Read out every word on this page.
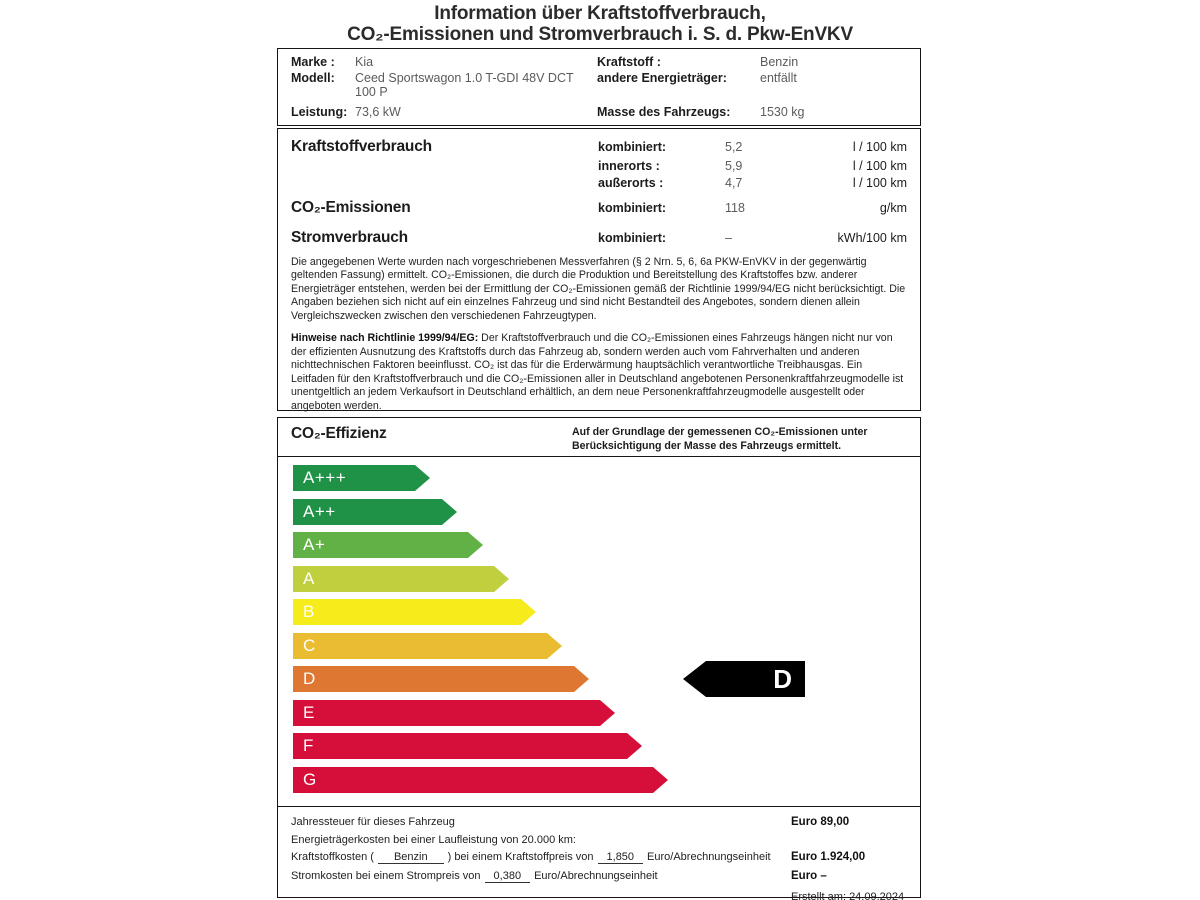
Information über Kraftstoffverbrauch,
CO₂-Emissionen und Stromverbrauch i. S. d. Pkw-EnVKV
Marke :	Kia
Modell:	Ceed Sportswagon 1.0 T-GDI 48V DCT 100 P
Leistung: 73,6 kW
Kraftstoff :	Benzin
andere Energieträger:	entfällt
Masse des Fahrzeugs:	1530 kg
Kraftstoffverbrauch	kombiniert:	5,2	l / 100 km
innerorts :	5,9	l / 100 km
außerorts :	4,7	l / 100 km
CO₂-Emissionen	kombiniert:	118	g/km
Stromverbrauch	kombiniert:	–	kWh/100 km

Die angegebenen Werte wurden nach vorgeschriebenen Messverfahren (§ 2 Nrn. 5, 6, 6a PKW-EnVKV in der gegenwärtig geltenden Fassung) ermittelt. CO₂-Emissionen, die durch die Produktion und Bereitstellung des Kraftstoffes bzw. anderer Energieträger entstehen, werden bei der Ermittlung der CO₂-Emissionen gemäß der Richtlinie 1999/94/EG nicht berücksichtigt. Die Angaben beziehen sich nicht auf ein einzelnes Fahrzeug und sind nicht Bestandteil des Angebotes, sondern dienen allein Vergleichszwecken zwischen den verschiedenen Fahrzeugtypen.

Hinweise nach Richtlinie 1999/94/EG: Der Kraftstoffverbrauch und die CO₂-Emissionen eines Fahrzeugs hängen nicht nur von der effizienten Ausnutzung des Kraftstoffs durch das Fahrzeug ab, sondern werden auch vom Fahrverhalten und anderen nichttechnischen Faktoren beeinflusst. CO₂ ist das für die Erderwärmung hauptsächlich verantwortliche Treibhausgas. Ein Leitfaden für den Kraftstoffverbrauch und die CO₂-Emissionen aller in Deutschland angebotenen Personenkraftfahrzeugmodelle ist unentgeltlich an jedem Verkaufsort in Deutschland erhältlich, an dem neue Personenkraftfahrzeugmodelle ausgestellt oder angeboten werden.

CO₂-Effizienz	Auf der Grundlage der gemessenen CO₂-Emissionen unter Berücksichtigung der Masse des Fahrzeugs ermittelt.
A+++
A++
A+
A
B
C
D	D
E
F
G
Jahressteuer für dieses Fahrzeug	Euro 89,00
Energieträgerkosten bei einer Laufleistung von 20.000 km:
Kraftstoffkosten ( Benzin ) bei einem Kraftstoffpreis von 1,850 Euro/Abrechnungseinheit	Euro 1.924,00
Stromkosten bei einem Strompreis von 0,380 Euro/Abrechnungseinheit	Euro –
Erstellt am: 24.09.2024
